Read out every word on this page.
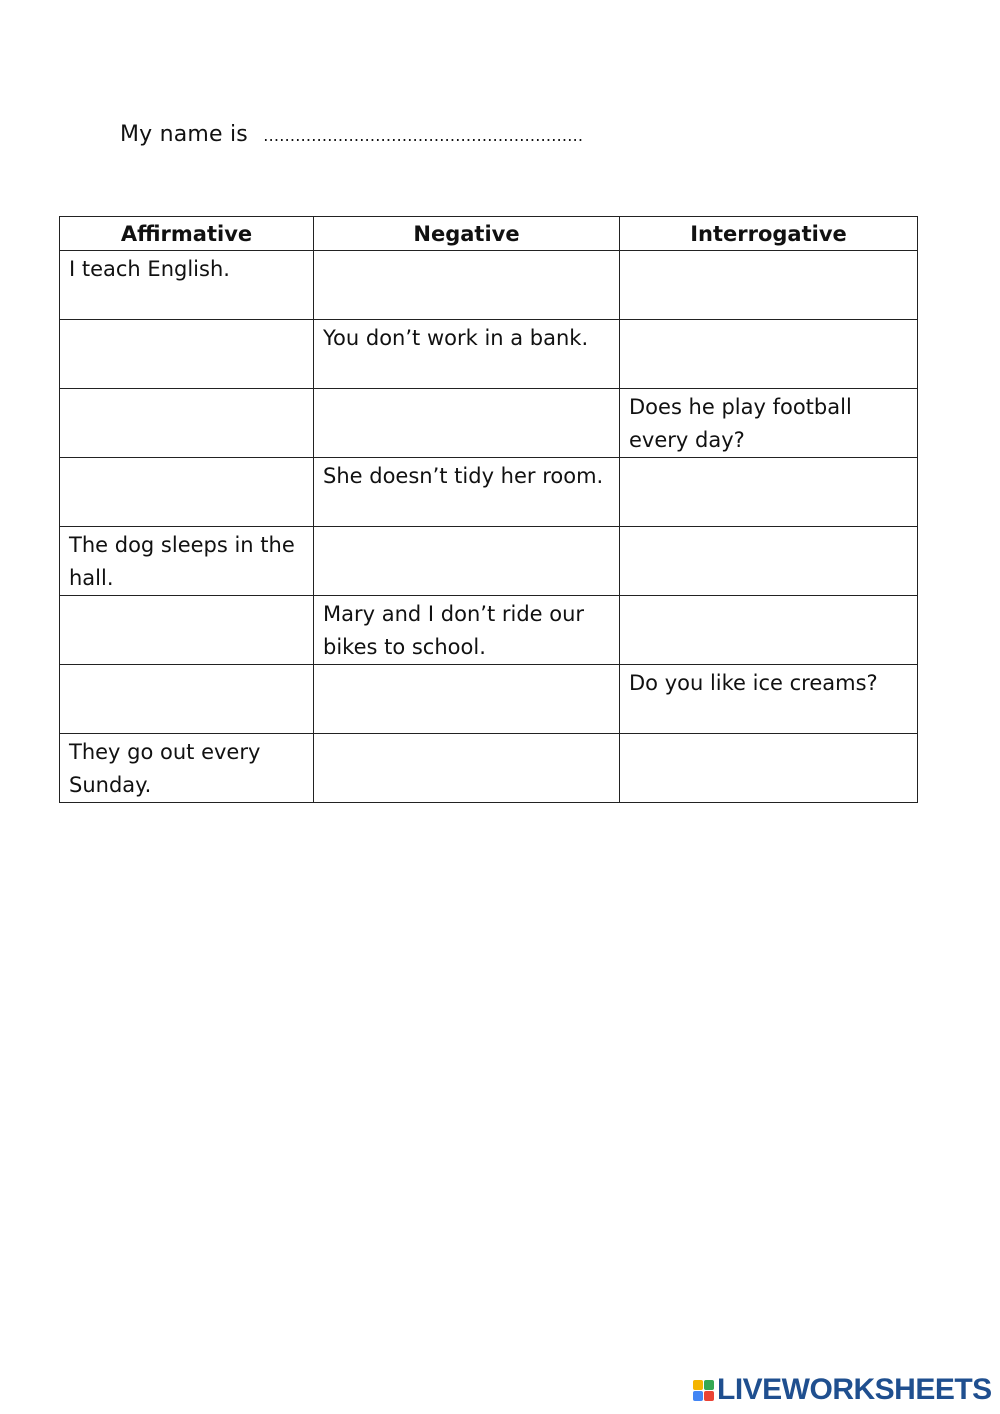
My name is ……………………………………………………
Affirmative	Negative	Interrogative
I teach English.		
	You don’t work in a bank.	
		Does he play football every day?
	She doesn’t tidy her room.	
The dog sleeps in the hall.		
	Mary and I don’t ride our bikes to school.	
		Do you like ice creams?
They go out every Sunday.		
LIVEWORKSHEETS
